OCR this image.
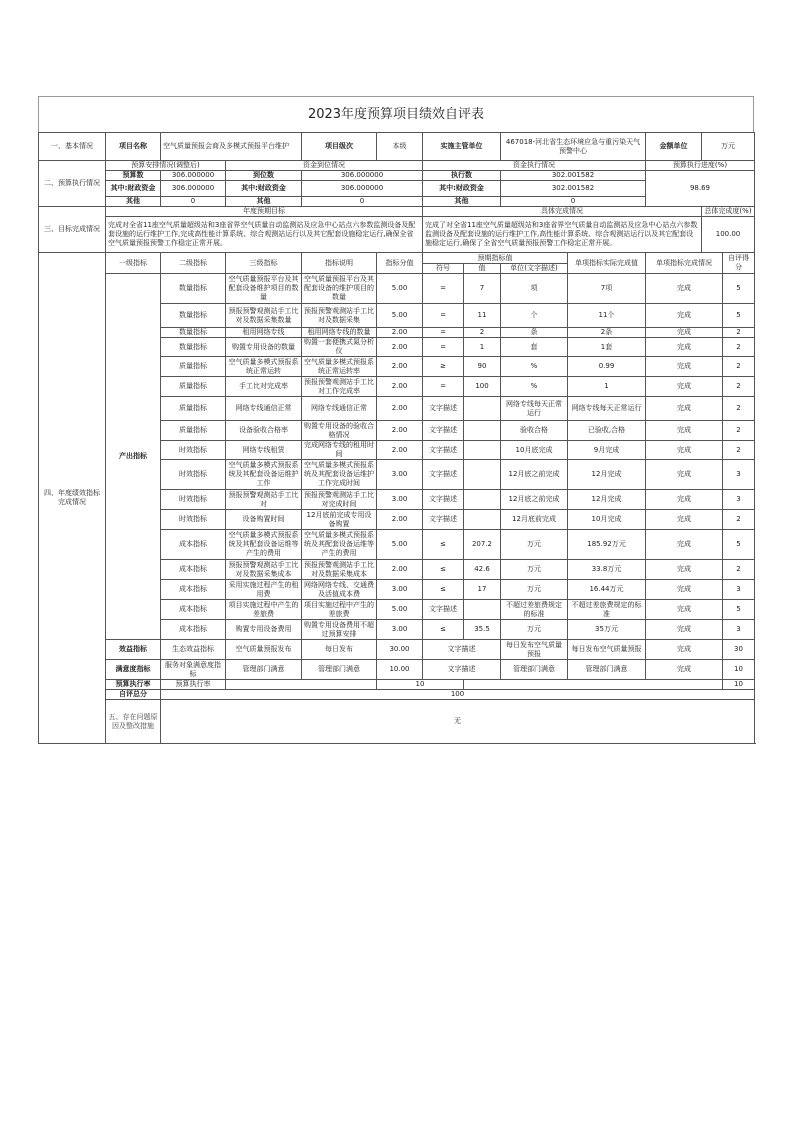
2023年度预算项目绩效自评表
一、基本情况	项目名称	空气质量预报会商及多模式预报平台维护		项目级次	本级	实施主管单位		467018-河北省生态环境应急与重污染天气预警中心		金额单位	万元	
二、预算执行情况	预算安排情况(调整后)		资金到位情况			资金执行情况				预算执行进度(%)		
	预算数	306.000000	到位数	306.000000		执行数		302.001582		98.69		
	其中:财政资金	306.000000	其中:财政资金	306.000000		其中:财政资金		302.001582				
	其他	0	其他	0		其他		0				
三、目标完成情况	年度预期目标					具体完成情况					总体完成度(%)	
	完成对全省11座空气质量超级站和3座省界空气质量自动监测站及应急中心站点六参数监测设备及配套设施的运行维护工作,完成高性能计算系统、综合观测站运行以及其它配套设施稳定运行,确保全省空气质量预报预警工作稳定正常开展。					完成了对全省11座空气质量超级站和3座省界空气质量自动监测站及应急中心站点六参数监测设备及配套设施的运行维护工作,高性能计算系统、综合观测站运行以及其它配套设施稳定运行,确保了全省空气质量预报预警工作稳定正常开展。					100.00	
四、年度绩效指标完成情况	一级指标	二级指标	三级指标	指标说明	指标分值	预期指标值			单项指标实际完成值	单项指标完成情况		自评得分
						符号	值	单位(文字描述)				
	产出指标	数量指标	空气质量预报平台及其配套设备维护项目的数量	空气质量预报平台及其配套设备的维护项目的数量	5.00	=	7	项	7项	完成		5
		数量指标	预报预警观测站手工比对及数据采集数量	预报预警观测站手工比对及数据采集	5.00	=	11	个	11个	完成		5
		数量指标	租用网络专线	租用网络专线的数量	2.00	=	2	条	2条	完成		2
		数量指标	购置专用设备的数量	购置一套便携式氮分析仪	2.00	=	1	套	1套	完成		2
		质量指标	空气质量多模式预报系统正常运转	空气质量多模式预报系统正常运转率	2.00	≥	90	%	0.99	完成		2
		质量指标	手工比对完成率	预报预警观测站手工比对工作完成率	2.00	=	100	%	1	完成		2
		质量指标	网络专线通信正常	网络专线通信正常	2.00	文字描述		网络专线每天正常运行	网络专线每天正常运行	完成		2
		质量指标	设备验收合格率	购置专用设备的验收合格情况	2.00	文字描述		验收合格	已验收,合格	完成		2
		时效指标	网络专线租赁	完成网络专线的租用时间	2.00	文字描述		10月底完成	9月完成	完成		2
		时效指标	空气质量多模式预报系统及其配套设备运维护工作	空气质量多模式预报系统及其配套设备运维护工作完成时间	3.00	文字描述		12月底之前完成	12月完成	完成		3
		时效指标	预报预警观测站手工比对	预报预警观测站手工比对完成时间	3.00	文字描述		12月底之前完成	12月完成	完成		3
		时效指标	设备购置时间	12月底前完成专用设备购置	2.00	文字描述		12月底前完成	10月完成	完成		2
		成本指标	空气质量多模式预报系统及其配套设备运维等产生的费用	空气质量多模式预报系统及其配套设备运维等产生的费用	5.00	≤	207.2	万元	185.92万元	完成		5
		成本指标	预报预警观测站手工比对及数据采集成本	预报预警观测站手工比对及数据采集成本	2.00	≤	42.6	万元	33.8万元	完成		2
		成本指标	采用实施过程产生的租用费	网络网络专线、交通费及活值成本费	3.00	≤	17	万元	16.44万元	完成		3
		成本指标	项目实施过程中产生的差旅费	项目实施过程中产生的差旅费	5.00	文字描述		不超过差旅费规定的标准	不超过差旅费规定的标准	完成		5
		成本指标	购置专用设备费用	购置专用设备费用不超过预算安排	3.00	≤	35.5	万元	35万元	完成		3
	效益指标	生态效益指标	空气质量预报发布	每日发布	30.00	文字描述		每日发布空气质量预报	每日发布空气质量预报	完成		30
	满意度指标	服务对象满意度指标	管理部门满意	管理部门满意	10.00	文字描述		管理部门满意	管理部门满意	完成		10
	预算执行率	预算执行率			10							10
	自评总分	100										
	五、存在问题原因及整改措施	无										
